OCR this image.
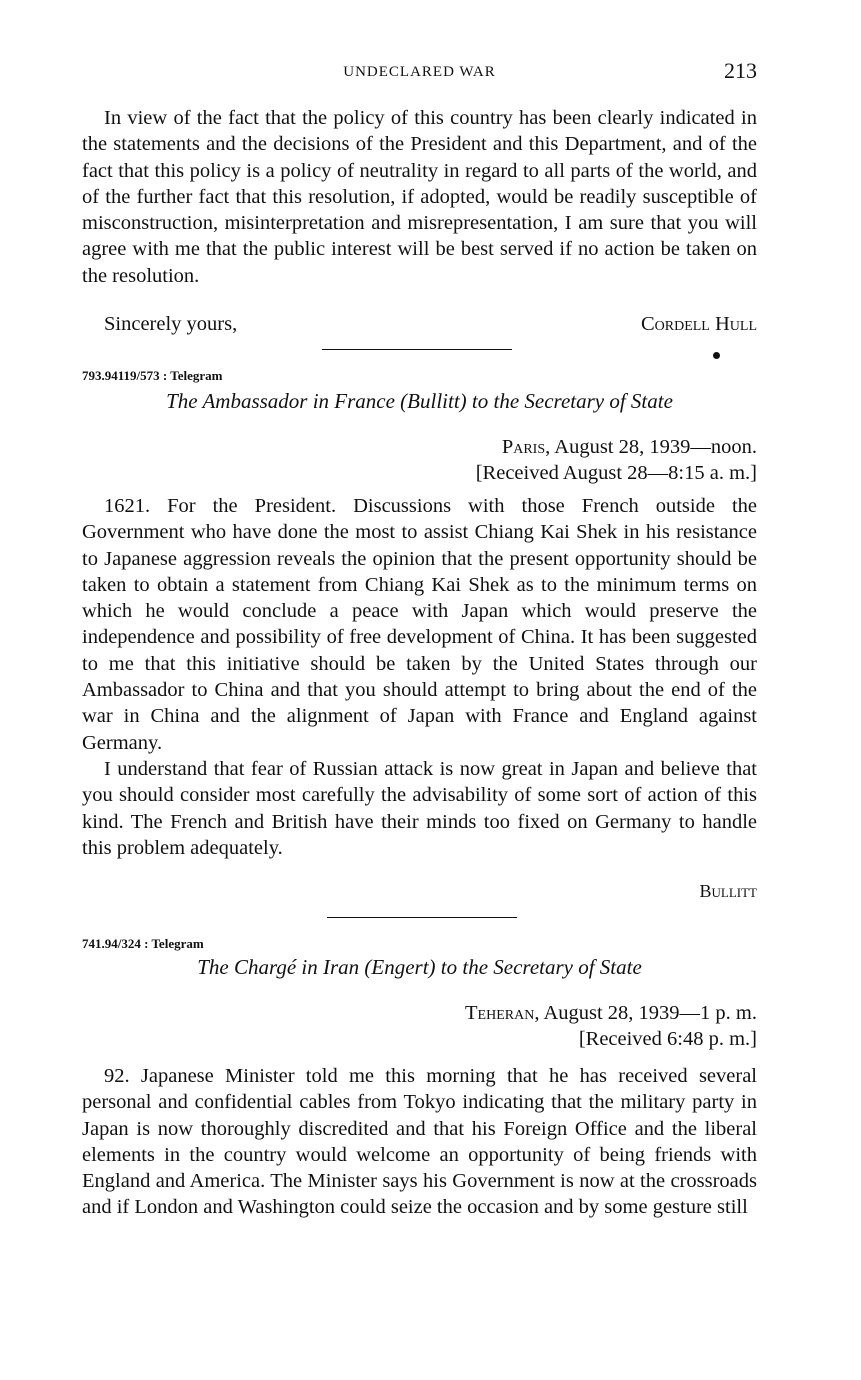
UNDECLARED WAR	213

In view of the fact that the policy of this country has been clearly indicated in the statements and the decisions of the President and this Department, and of the fact that this policy is a policy of neutrality in regard to all parts of the world, and of the further fact that this resolution, if adopted, would be readily susceptible of misconstruction, misinterpretation and misrepresentation, I am sure that you will agree with me that the public interest will be best served if no action be taken on the resolution.

Sincerely yours,	Cordell Hull
793.94119/573 : Telegram
The Ambassador in France (Bullitt) to the Secretary of State
Paris, August 28, 1939—noon.
[Received August 28—8:15 a. m.]

1621. For the President. Discussions with those French outside the Government who have done the most to assist Chiang Kai Shek in his resistance to Japanese aggression reveals the opinion that the present opportunity should be taken to obtain a statement from Chiang Kai Shek as to the minimum terms on which he would conclude a peace with Japan which would preserve the independence and possibility of free development of China. It has been suggested to me that this initiative should be taken by the United States through our Ambassador to China and that you should attempt to bring about the end of the war in China and the alignment of Japan with France and England against Germany.

I understand that fear of Russian attack is now great in Japan and believe that you should consider most carefully the advisability of some sort of action of this kind. The French and British have their minds too fixed on Germany to handle this problem adequately.

Bullitt
741.94/324 : Telegram
The Chargé in Iran (Engert) to the Secretary of State
Teheran, August 28, 1939—1 p. m.
[Received 6:48 p. m.]

92. Japanese Minister told me this morning that he has received several personal and confidential cables from Tokyo indicating that the military party in Japan is now thoroughly discredited and that his Foreign Office and the liberal elements in the country would welcome an opportunity of being friends with England and America. The Minister says his Government is now at the crossroads and if London and Washington could seize the occasion and by some gesture still
